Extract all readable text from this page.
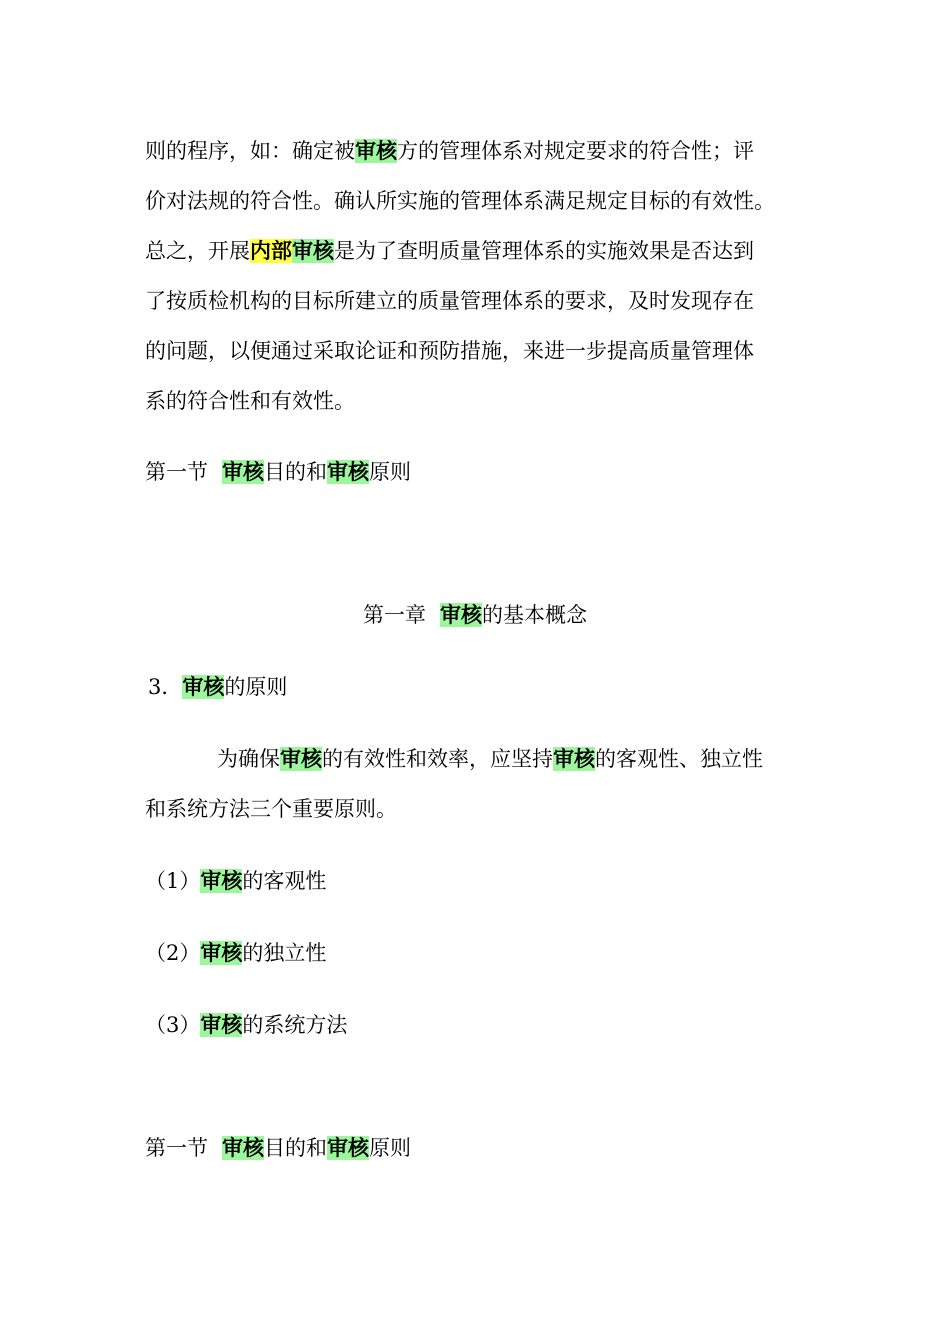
则的程序，如：确定被审核方的管理体系对规定要求的符合性；评
价对法规的符合性。确认所实施的管理体系满足规定目标的有效性。
总之，开展内部审核是为了查明质量管理体系的实施效果是否达到
了按质检机构的目标所建立的质量管理体系的要求，及时发现存在
的问题，以便通过采取论证和预防措施，来进一步提高质量管理体
系的符合性和有效性。
第一节 审核目的和审核原则
第一章 审核的基本概念
3．审核的原则
为确保审核的有效性和效率，应坚持审核的客观性、独立性
和系统方法三个重要原则。
（1）审核的客观性
（2）审核的独立性
（3）审核的系统方法
第一节 审核目的和审核原则
